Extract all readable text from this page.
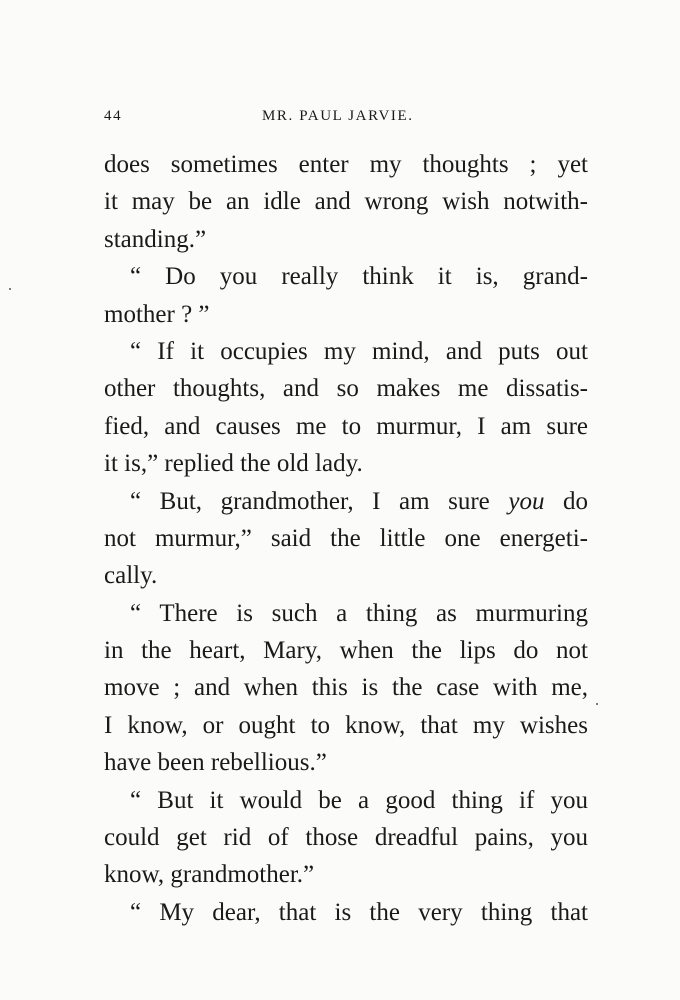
44	MR. PAUL JARVIE.
does sometimes enter my thoughts ; yet
it may be an idle and wrong wish notwith-
standing.”
“ Do you really think it is, grand-
mother ? ”
“ If it occupies my mind, and puts out
other thoughts, and so makes me dissatis-
fied, and causes me to murmur, I am sure
it is,” replied the old lady.
“ But, grandmother, I am sure you do
not murmur,” said the little one energeti-
cally.
“ There is such a thing as murmuring
in the heart, Mary, when the lips do not
move ; and when this is the case with me,
I know, or ought to know, that my wishes
have been rebellious.”
“ But it would be a good thing if you
could get rid of those dreadful pains, you
know, grandmother.”
“ My dear, that is the very thing that
